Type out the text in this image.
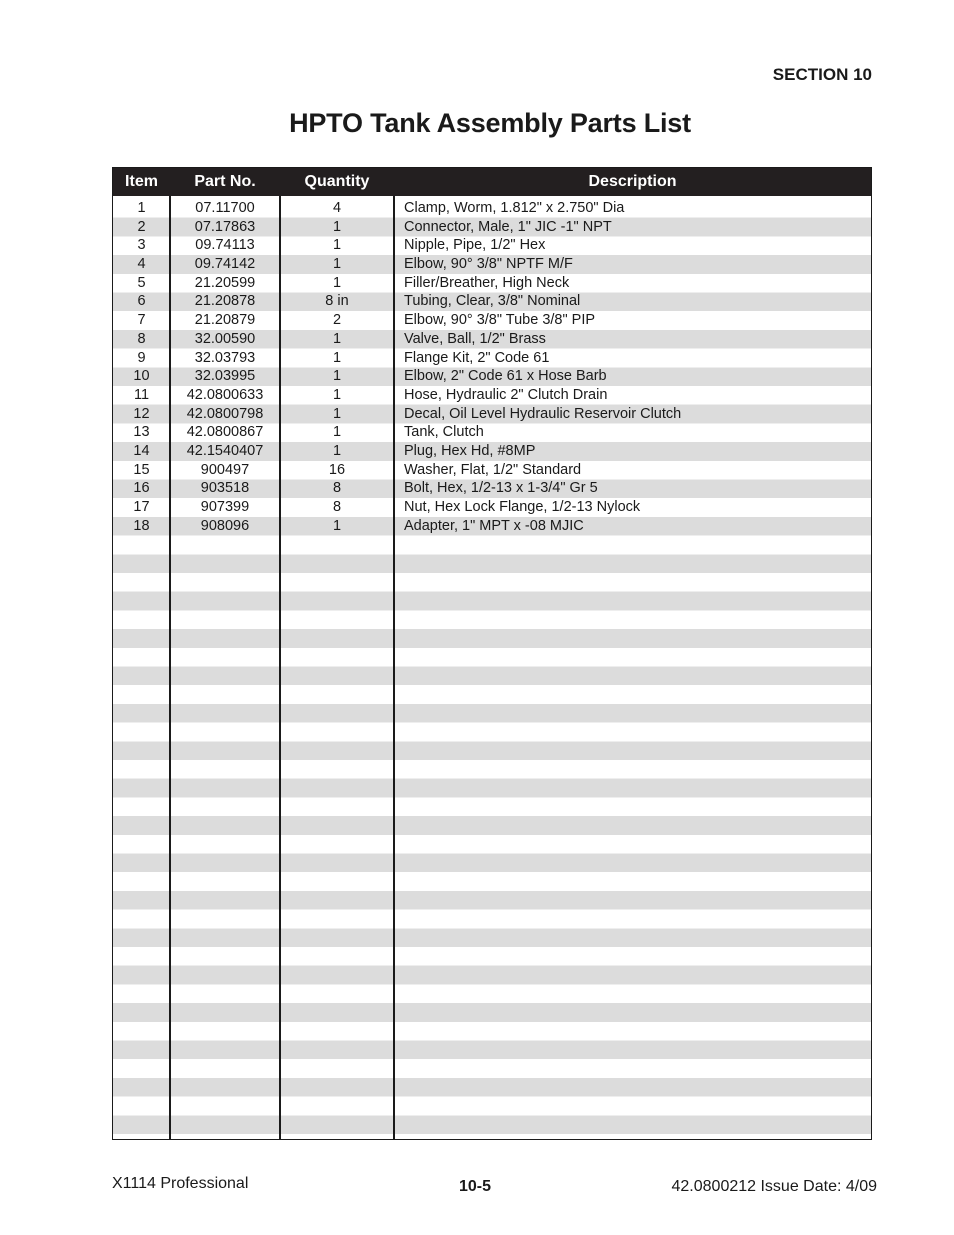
SECTION 10
HPTO Tank Assembly Parts List
Item	Part No.	Quantity	Description
1	07.11700	4	Clamp, Worm, 1.812" x 2.750" Dia
2	07.17863	1	Connector, Male, 1" JIC -1" NPT
3	09.74113	1	Nipple, Pipe, 1/2" Hex
4	09.74142	1	Elbow, 90° 3/8" NPTF M/F
5	21.20599	1	Filler/Breather, High Neck
6	21.20878	8 in	Tubing, Clear, 3/8" Nominal
7	21.20879	2	Elbow, 90° 3/8" Tube 3/8" PIP
8	32.00590	1	Valve, Ball, 1/2" Brass
9	32.03793	1	Flange Kit, 2" Code 61
10	32.03995	1	Elbow, 2" Code 61 x Hose Barb
11	42.0800633	1	Hose, Hydraulic 2" Clutch Drain
12	42.0800798	1	Decal, Oil Level Hydraulic Reservoir Clutch
13	42.0800867	1	Tank, Clutch
14	42.1540407	1	Plug, Hex Hd, #8MP
15	900497	16	Washer, Flat, 1/2" Standard
16	903518	8	Bolt, Hex, 1/2-13 x 1-3/4" Gr 5
17	907399	8	Nut, Hex Lock Flange, 1/2-13 Nylock
18	908096	1	Adapter, 1" MPT x -08 MJIC
X1114 Professional	10-5	42.0800212 Issue Date: 4/09
